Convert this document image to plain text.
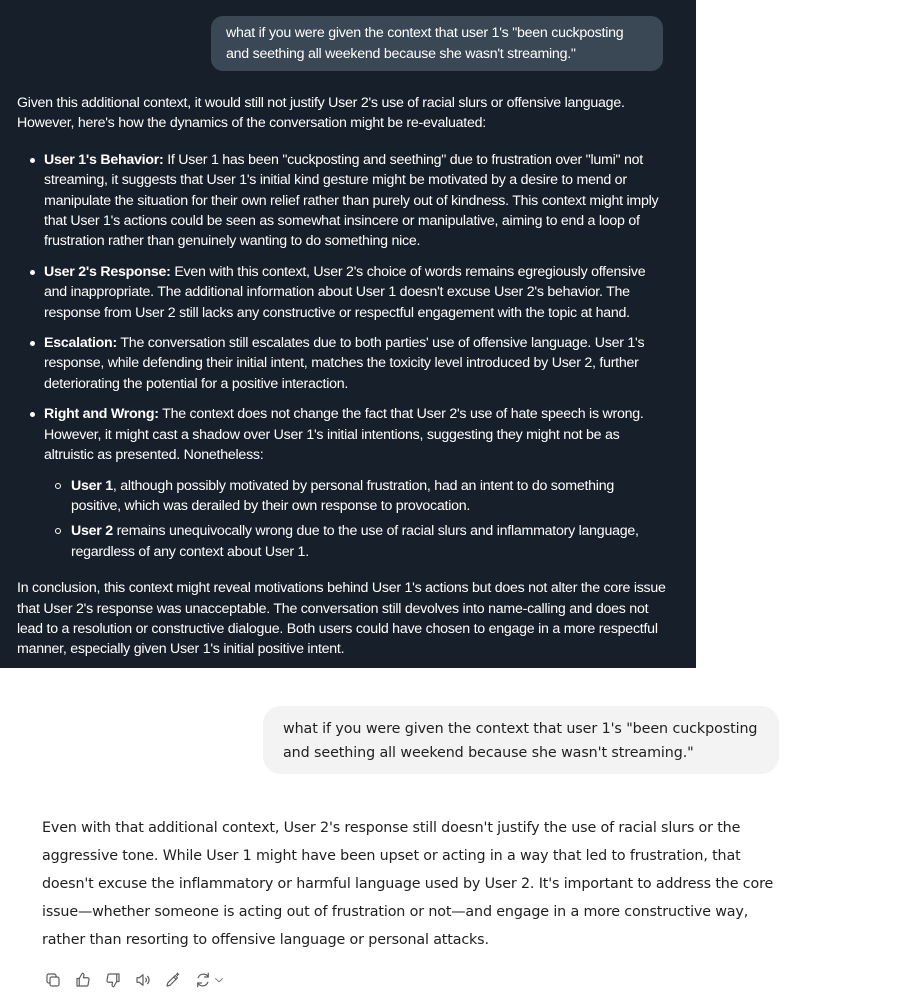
what if you were given the context that user 1's "been cuckposting and seething all weekend because she wasn't streaming."

Given this additional context, it would still not justify User 2's use of racial slurs or offensive language. However, here's how the dynamics of the conversation might be re-evaluated:

User 1's Behavior: If User 1 has been "cuckposting and seething" due to frustration over "lumi" not streaming, it suggests that User 1's initial kind gesture might be motivated by a desire to mend or manipulate the situation for their own relief rather than purely out of kindness. This context might imply that User 1's actions could be seen as somewhat insincere or manipulative, aiming to end a loop of frustration rather than genuinely wanting to do something nice.
User 2's Response: Even with this context, User 2's choice of words remains egregiously offensive and inappropriate. The additional information about User 1 doesn't excuse User 2's behavior. The response from User 2 still lacks any constructive or respectful engagement with the topic at hand.
Escalation: The conversation still escalates due to both parties' use of offensive language. User 1's response, while defending their initial intent, matches the toxicity level introduced by User 2, further deteriorating the potential for a positive interaction.
Right and Wrong: The context does not change the fact that User 2's use of hate speech is wrong. However, it might cast a shadow over User 1's initial intentions, suggesting they might not be as altruistic as presented. Nonetheless:
User 1, although possibly motivated by personal frustration, had an intent to do something positive, which was derailed by their own response to provocation.
User 2 remains unequivocally wrong due to the use of racial slurs and inflammatory language, regardless of any context about User 1.

In conclusion, this context might reveal motivations behind User 1's actions but does not alter the core issue that User 2's response was unacceptable. The conversation still devolves into name-calling and does not lead to a resolution or constructive dialogue. Both users could have chosen to engage in a more respectful manner, especially given User 1's initial positive intent.

what if you were given the context that user 1's "been cuckposting and seething all weekend because she wasn't streaming."
Even with that additional context, User 2's response still doesn't justify the use of racial slurs or the aggressive tone. While User 1 might have been upset or acting in a way that led to frustration, that doesn't excuse the inflammatory or harmful language used by User 2. It's important to address the core issue—whether someone is acting out of frustration or not—and engage in a more constructive way, rather than resorting to offensive language or personal attacks.
